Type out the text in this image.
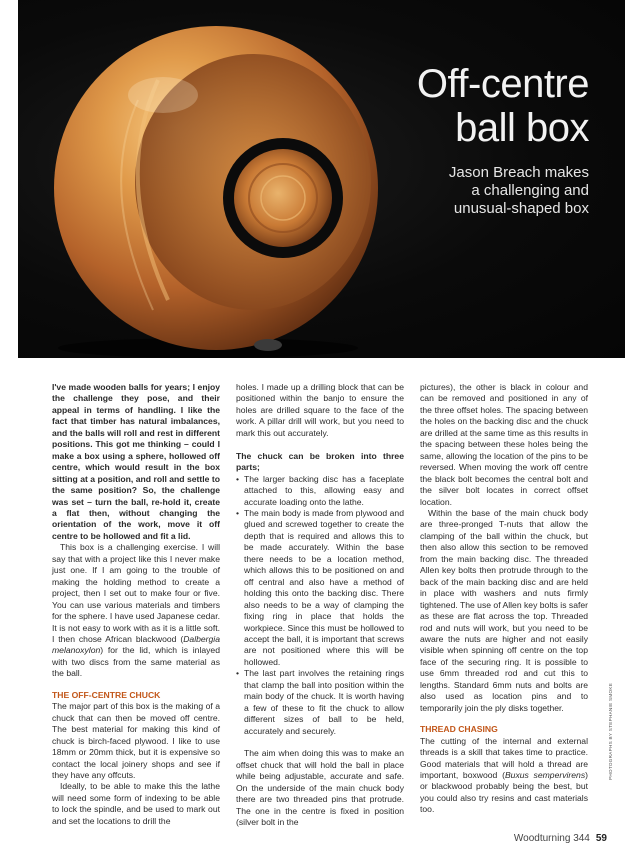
Off-centre
ball box
Jason Breach makes
a challenging and
unusual-shaped box

I've made wooden balls for years; I enjoy the challenge they pose, and their appeal in terms of handling. I like the fact that timber has natural imbalances, and the balls will roll and rest in different positions. This got me thinking – could I make a box using a sphere, hollowed off centre, which would result in the box sitting at a position, and roll and settle to the same position? So, the challenge was set – turn the ball, re-hold it, create a flat then, without changing the orientation of the work, move it off centre to be hollowed and fit a lid.

This box is a challenging exercise. I will say that with a project like this I never make just one. If I am going to the trouble of making the holding method to create a project, then I set out to make four or five. You can use various materials and timbers for the sphere. I have used Japanese cedar. It is not easy to work with as it is a little soft. I then chose African blackwood (Dalbergia melanoxylon) for the lid, which is inlayed with two discs from the same material as the ball.

THE OFF-CENTRE CHUCK

The major part of this box is the making of a chuck that can then be moved off centre. The best material for making this kind of chuck is birch-faced plywood. I like to use 18mm or 20mm thick, but it is expensive so contact the local joinery shops and see if they have any offcuts.

Ideally, to be able to make this the lathe will need some form of indexing to be able to lock the spindle, and be used to mark out and set the locations to drill the

holes. I made up a drilling block that can be positioned within the banjo to ensure the holes are drilled square to the face of the work. A pillar drill will work, but you need to mark this out accurately.

The chuck can be broken into three parts;

• The larger backing disc has a faceplate attached to this, allowing easy and accurate loading onto the lathe.
• The main body is made from plywood and glued and screwed together to create the depth that is required and allows this to be made accurately. Within the base there needs to be a location method, which allows this to be positioned on and off central and also have a method of holding this onto the backing disc. There also needs to be a way of clamping the fixing ring in place that holds the workpiece. Since this must be hollowed to accept the ball, it is important that screws are not positioned where this will be hollowed.
• The last part involves the retaining rings that clamp the ball into position within the main body of the chuck. It is worth having a few of these to fit the chuck to allow different sizes of ball to be held, accurately and securely.

The aim when doing this was to make an offset chuck that will hold the ball in place while being adjustable, accurate and safe. On the underside of the main chuck body there are two threaded pins that protrude. The one in the centre is fixed in position (silver bolt in the

pictures), the other is black in colour and can be removed and positioned in any of the three offset holes. The spacing between the holes on the backing disc and the chuck are drilled at the same time as this results in the spacing between these holes being the same, allowing the location of the pins to be reversed. When moving the work off centre the black bolt becomes the central bolt and the silver bolt locates in correct offset location.

Within the base of the main chuck body are three-pronged T-nuts that allow the clamping of the ball within the chuck, but then also allow this section to be removed from the main backing disc. The threaded Allen key bolts then protrude through to the back of the main backing disc and are held in place with washers and nuts firmly tightened. The use of Allen key bolts is safer as these are flat across the top. Threaded rod and nuts will work, but you need to be aware the nuts are higher and not easily visible when spinning off centre on the top face of the securing ring. It is possible to use 6mm threaded rod and cut this to lengths. Standard 6mm nuts and bolts are also used as location pins and to temporarily join the ply disks together.

THREAD CHASING

The cutting of the internal and external threads is a skill that takes time to practice. Good materials that will hold a thread are important, boxwood (Buxus sempervirens) or blackwood probably being the best, but you could also try resins and cast materials too.

PHOTOGRAPHS BY STEPHANIE SMOKE
Woodturning 344 59
